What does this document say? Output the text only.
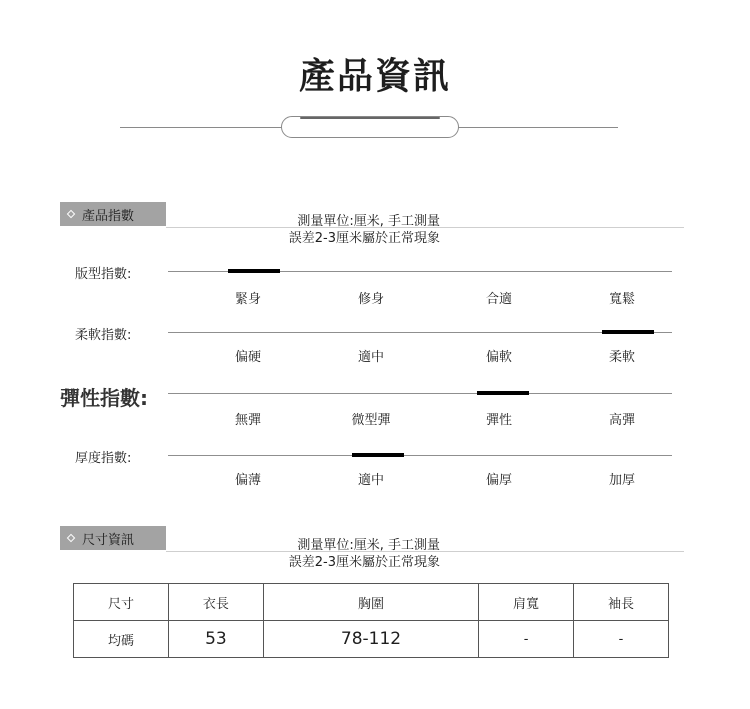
產品資訊
產品指數	測量單位:厘米, 手工測量
誤差2-3厘米屬於正常現象
版型指數:
緊身	修身	合適	寬鬆
柔軟指數:
偏硬	適中	偏軟	柔軟
彈性指數:
無彈	微型彈	彈性	高彈
厚度指數:
偏薄	適中	偏厚	加厚
尺寸資訊	測量單位:厘米, 手工測量
誤差2-3厘米屬於正常現象
尺寸	衣長	胸圍	肩寬	袖長
均碼	53	78-112	-	-
